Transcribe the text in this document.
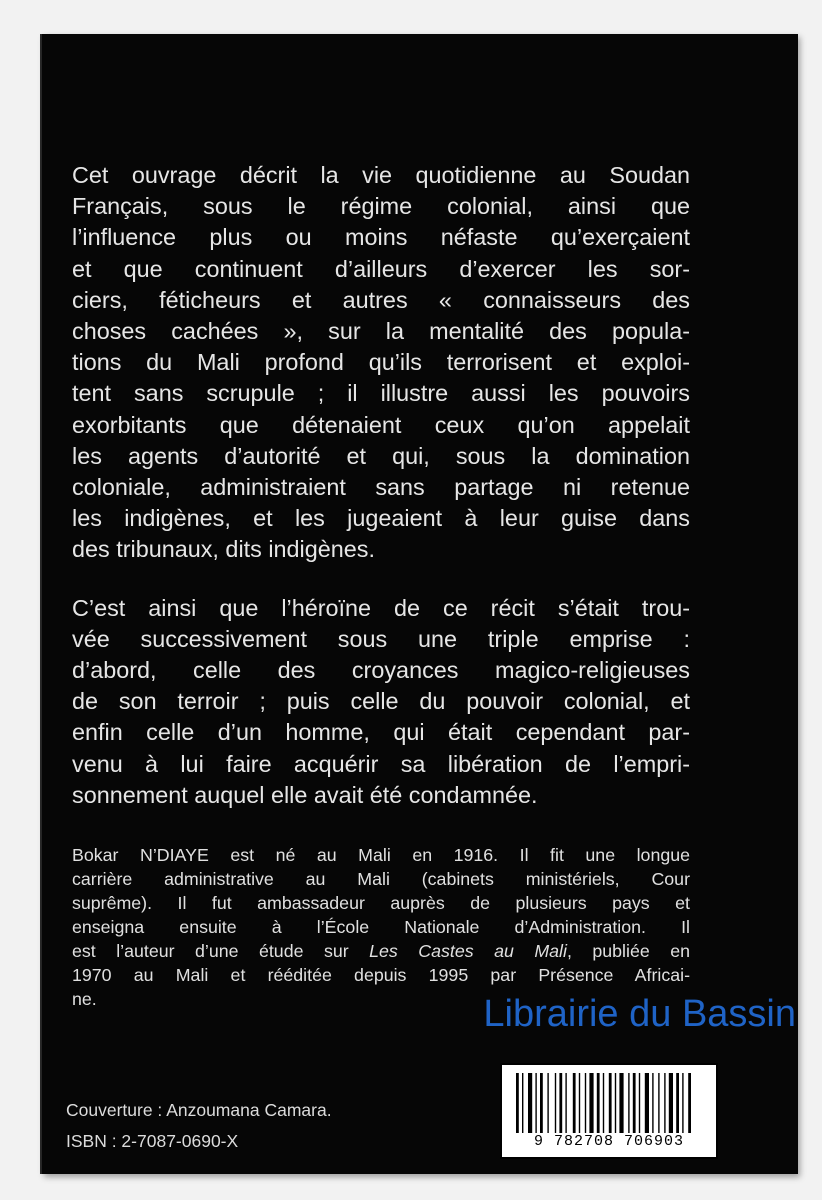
Cet ouvrage décrit la vie quotidienne au Soudan
Français, sous le régime colonial, ainsi que
l’influence plus ou moins néfaste qu’exerçaient
et que continuent d’ailleurs d’exercer les sor-
ciers, féticheurs et autres « connaisseurs des
choses cachées », sur la mentalité des popula-
tions du Mali profond qu’ils terrorisent et exploi-
tent sans scrupule ; il illustre aussi les pouvoirs
exorbitants que détenaient ceux qu’on appelait
les agents d’autorité et qui, sous la domination
coloniale, administraient sans partage ni retenue
les indigènes, et les jugeaient à leur guise dans
des tribunaux, dits indigènes.

C’est ainsi que l’héroïne de ce récit s’était trou-
vée successivement sous une triple emprise :
d’abord, celle des croyances magico-religieuses
de son terroir ; puis celle du pouvoir colonial, et
enfin celle d’un homme, qui était cependant par-
venu à lui faire acquérir sa libération de l’empri-
sonnement auquel elle avait été condamnée.

Bokar N’DIAYE est né au Mali en 1916. Il fit une longue
carrière administrative au Mali (cabinets ministériels, Cour
suprême). Il fut ambassadeur auprès de plusieurs pays et
enseigna ensuite à l’École Nationale d’Administration. Il
est l’auteur d’une étude sur Les Castes au Mali, publiée en
1970 au Mali et rééditée depuis 1995 par Présence Africai-
ne.	Librairie du Bassin
Couverture : Anzoumana Camara.
ISBN : 2-7087-0690-X	9 782708 706903
